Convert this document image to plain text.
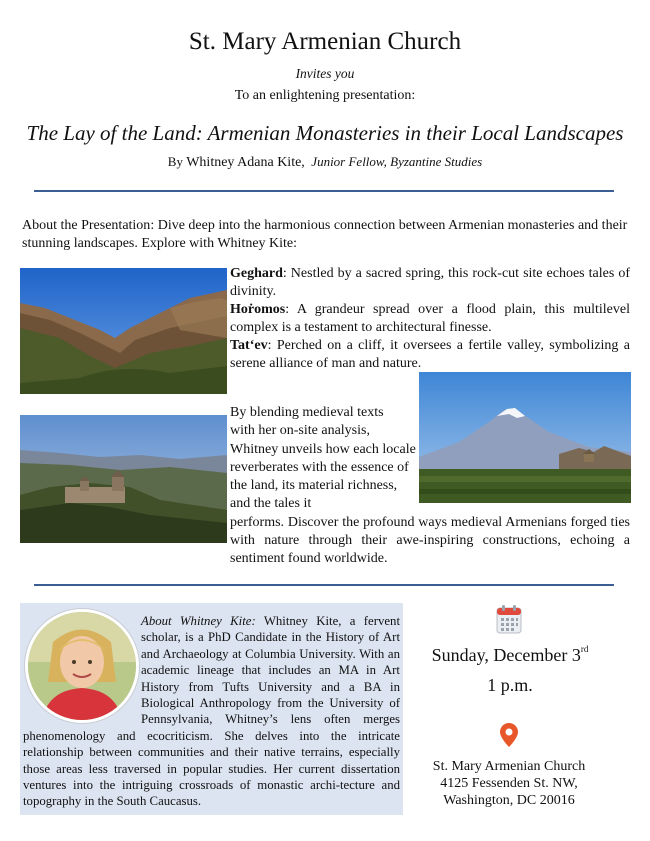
St. Mary Armenian Church
Invites you
To an enlightening presentation:
The Lay of the Land: Armenian Monasteries in their Local Landscapes
By Whitney Adana Kite, Junior Fellow, Byzantine Studies
About the Presentation: Dive deep into the harmonious connection between Armenian monasteries and their stunning landscapes. Explore with Whitney Kite:

Geghard: Nestled by a sacred spring, this rock-cut site echoes tales of divinity.

Hoṙomos: A grandeur spread over a flood plain, this multilevel complex is a testament to architectural finesse.

Tatʻev: Perched on a cliff, it oversees a fertile valley, symbolizing a serene alliance of man and nature.

By blending medieval texts
with her on-site analysis,
Whitney unveils how each locale reverberates with the essence of the land, its material richness, and the tales it
performs. Discover the profound ways medieval Armenians forged ties with nature through their awe-inspiring constructions, echoing a sentiment found worldwide.
About Whitney Kite: Whitney Kite, a fervent scholar, is a PhD Candidate in the History of Art and Archaeology at Columbia University. With an academic lineage that includes an MA in Art History from Tufts University and a BA in Biological Anthropology from the University of Pennsylvania, Whitney’s lens often merges phenomenology and ecocriticism. She delves into the intricate relationship between communities and their native terrains, especially those areas less traversed in popular studies. Her current dissertation ventures into the intriguing crossroads of monastic archi-tecture and topography in the South Caucasus.
Sunday, December 3rd
1 p.m.
St. Mary Armenian Church
4125 Fessenden St. NW,
Washington, DC 20016
